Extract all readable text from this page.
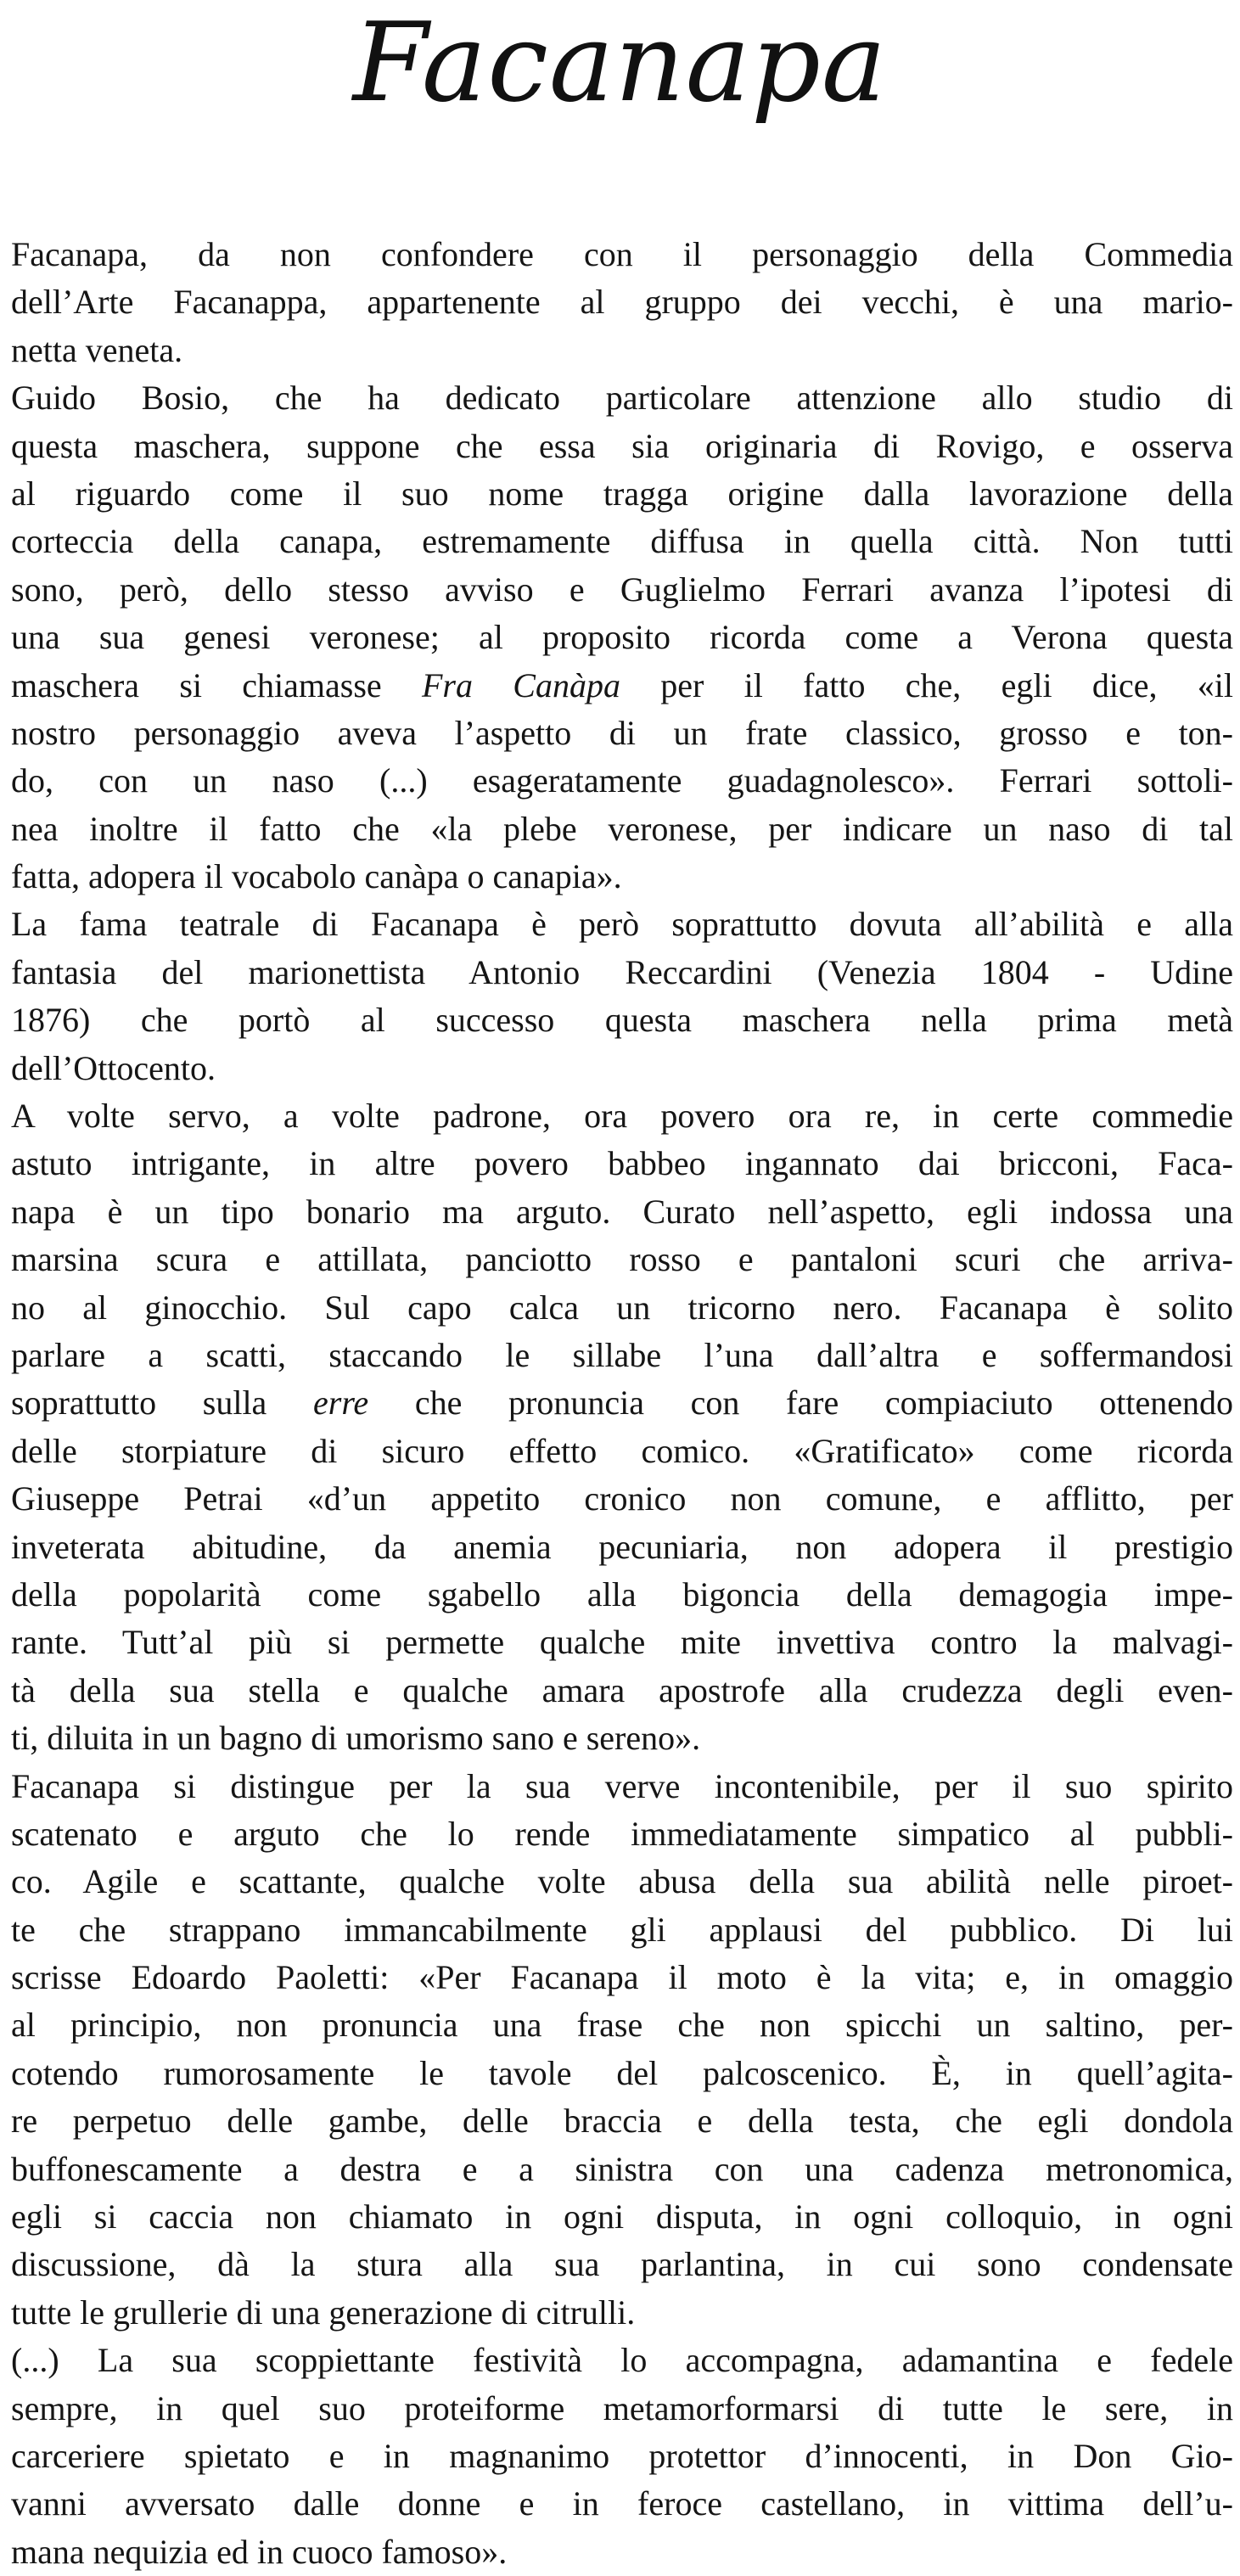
Facanapa
Facanapa, da non confondere con il personaggio della Commedia
dell’Arte Facanappa, appartenente al gruppo dei vecchi, è una mario-
netta veneta.
Guido Bosio, che ha dedicato particolare attenzione allo studio di
questa maschera, suppone che essa sia originaria di Rovigo, e osserva
al riguardo come il suo nome tragga origine dalla lavorazione della
corteccia della canapa, estremamente diffusa in quella città. Non tutti
sono, però, dello stesso avviso e Guglielmo Ferrari avanza l’ipotesi di
una sua genesi veronese; al proposito ricorda come a Verona questa
maschera si chiamasse Fra Canàpa per il fatto che, egli dice, «il
nostro personaggio aveva l’aspetto di un frate classico, grosso e ton-
do, con un naso (...) esageratamente guadagnolesco». Ferrari sottoli-
nea inoltre il fatto che «la plebe veronese, per indicare un naso di tal
fatta, adopera il vocabolo canàpa o canapia».
La fama teatrale di Facanapa è però soprattutto dovuta all’abilità e alla
fantasia del marionettista Antonio Reccardini (Venezia 1804 - Udine
1876) che portò al successo questa maschera nella prima metà
dell’Ottocento.
A volte servo, a volte padrone, ora povero ora re, in certe commedie
astuto intrigante, in altre povero babbeo ingannato dai bricconi, Faca-
napa è un tipo bonario ma arguto. Curato nell’aspetto, egli indossa una
marsina scura e attillata, panciotto rosso e pantaloni scuri che arriva-
no al ginocchio. Sul capo calca un tricorno nero. Facanapa è solito
parlare a scatti, staccando le sillabe l’una dall’altra e soffermandosi
soprattutto sulla erre che pronuncia con fare compiaciuto ottenendo
delle storpiature di sicuro effetto comico. «Gratificato» come ricorda
Giuseppe Petrai «d’un appetito cronico non comune, e afflitto, per
inveterata abitudine, da anemia pecuniaria, non adopera il prestigio
della popolarità come sgabello alla bigoncia della demagogia impe-
rante. Tutt’al più si permette qualche mite invettiva contro la malvagi-
tà della sua stella e qualche amara apostrofe alla crudezza degli even-
ti, diluita in un bagno di umorismo sano e sereno».
Facanapa si distingue per la sua verve incontenibile, per il suo spirito
scatenato e arguto che lo rende immediatamente simpatico al pubbli-
co. Agile e scattante, qualche volte abusa della sua abilità nelle piroet-
te che strappano immancabilmente gli applausi del pubblico. Di lui
scrisse Edoardo Paoletti: «Per Facanapa il moto è la vita; e, in omaggio
al principio, non pronuncia una frase che non spicchi un saltino, per-
cotendo rumorosamente le tavole del palcoscenico. È, in quell’agita-
re perpetuo delle gambe, delle braccia e della testa, che egli dondola
buffonescamente a destra e a sinistra con una cadenza metronomica,
egli si caccia non chiamato in ogni disputa, in ogni colloquio, in ogni
discussione, dà la stura alla sua parlantina, in cui sono condensate
tutte le grullerie di una generazione di citrulli.
(...) La sua scoppiettante festività lo accompagna, adamantina e fedele
sempre, in quel suo proteiforme metamorformarsi di tutte le sere, in
carceriere spietato e in magnanimo protettor d’innocenti, in Don Gio-
vanni avversato dalle donne e in feroce castellano, in vittima dell’u-
mana nequizia ed in cuoco famoso».
